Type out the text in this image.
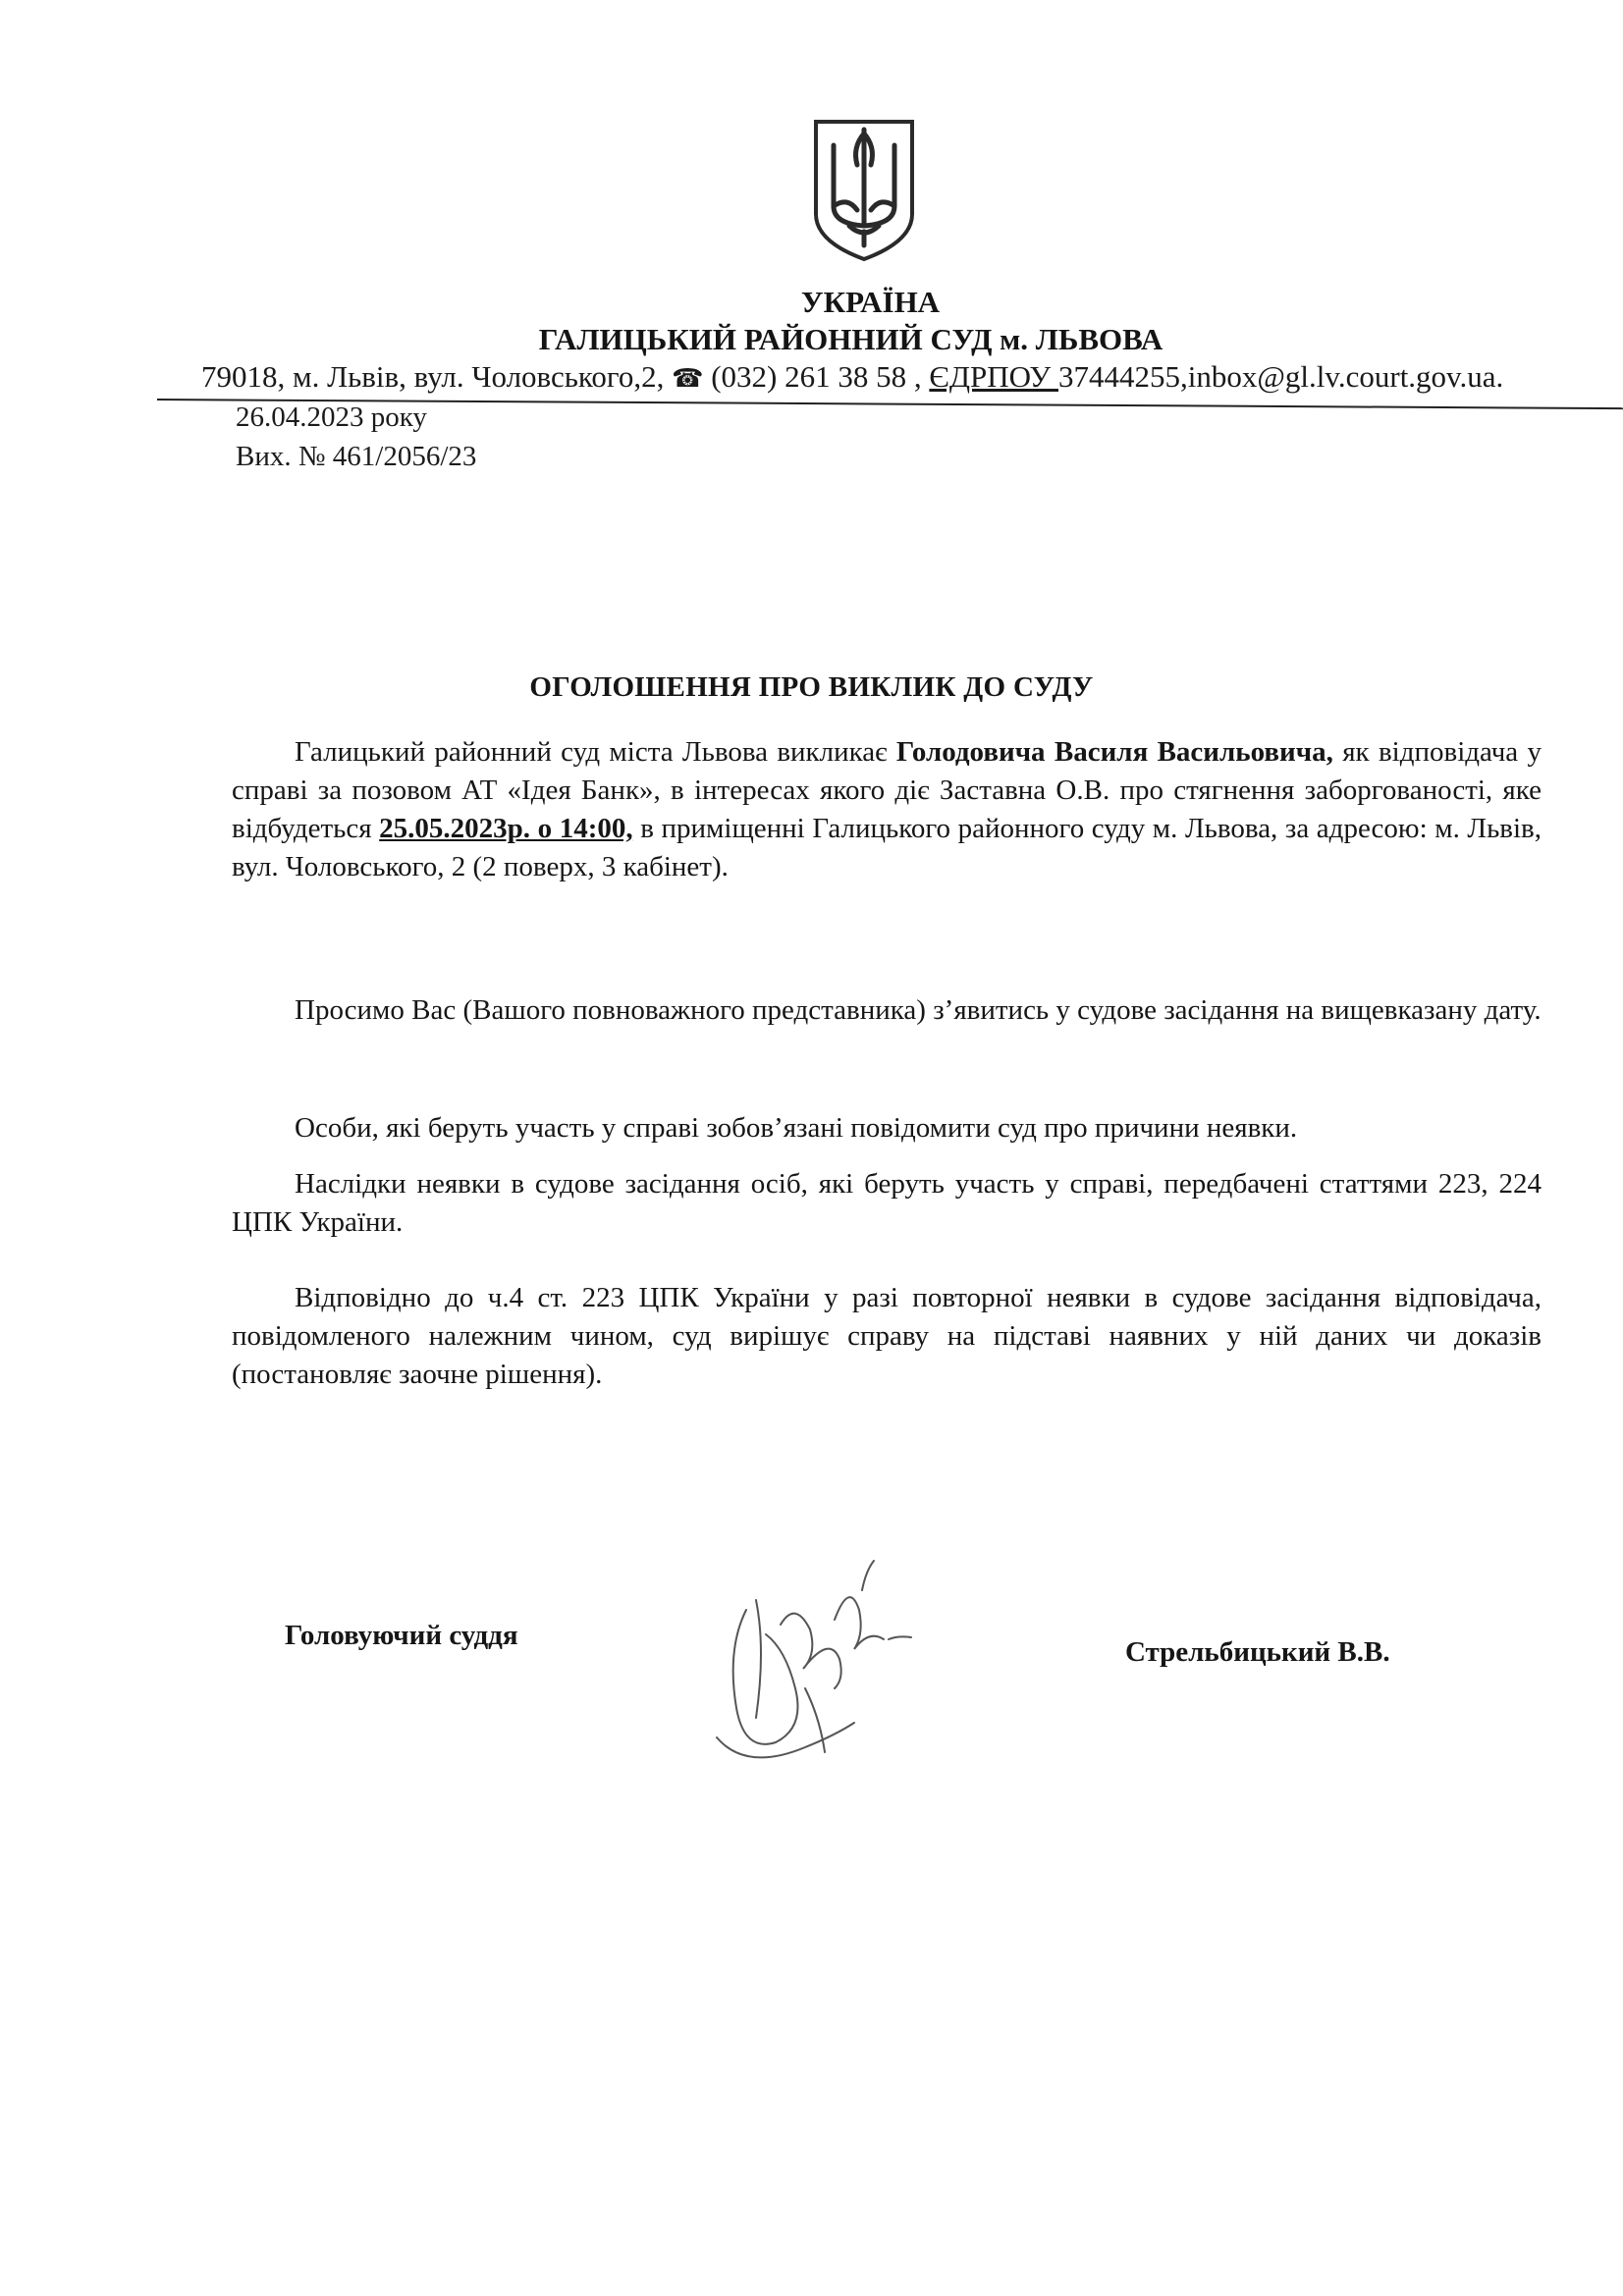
УКРАЇНА
ГАЛИЦЬКИЙ РАЙОННИЙ СУД м. ЛЬВОВА
79018, м. Львів, вул. Чоловського,2, ☎ (032) 261 38 58 , ЄДРПОУ 37444255,inbox@gl.lv.court.gov.ua.
26.04.2023 року
Вих. № 461/2056/23
ОГОЛОШЕННЯ ПРО ВИКЛИК ДО СУДУ
Галицький районний суд міста Львова викликає Голодовича Василя Васильовича, як відповідача у справі за позовом АТ «Ідея Банк», в інтересах якого діє Заставна О.В. про стягнення заборгованості, яке відбудеться 25.05.2023р. о 14:00, в приміщенні Галицького районного суду м. Львова, за адресою: м. Львів, вул. Чоловського, 2 (2 поверх, 3 кабінет).
Просимо Вас (Вашого повноважного представника) з’явитись у судове засідання на вищевказану дату.
Особи, які беруть участь у справі зобов’язані повідомити суд про причини неявки.
Наслідки неявки в судове засідання осіб, які беруть участь у справі, передбачені статтями 223, 224 ЦПК України.
Відповідно до ч.4 ст. 223 ЦПК України у разі повторної неявки в судове засідання відповідача, повідомленого належним чином, суд вирішує справу на підставі наявних у ній даних чи доказів (постановляє заочне рішення).
Головуючий суддя
Стрельбицький В.В.
